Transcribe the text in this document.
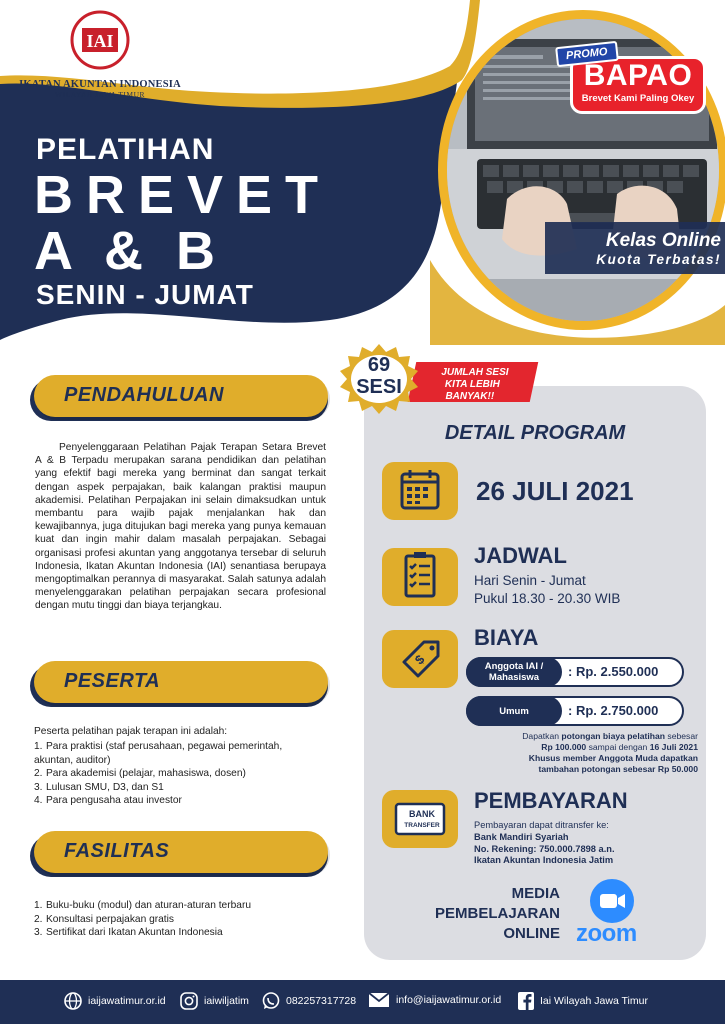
IAI
IKATAN AKUNTAN INDONESIA
WILAYAH JAWA TIMUR
PELATIHAN
BREVET
A & B
SENIN - JUMAT
PROMO
BAPAO
Brevet Kami Paling Okey
Kelas Online
Kuota Terbatas!
PENDAHULUAN

Penyelenggaraan Pelatihan Pajak Terapan Setara Brevet A & B Terpadu merupakan sarana pendidikan dan pelatihan yang efektif bagi mereka yang berminat dan sangat terkait dengan aspek perpajakan, baik kalangan praktisi maupun akademisi. Pelatihan Perpajakan ini selain dimaksudkan untuk membantu para wajib pajak menjalankan hak dan kewajibannya, juga ditujukan bagi mereka yang punya kemauan kuat dan ingin mahir dalam masalah perpajakan. Sebagai organisasi profesi akuntan yang anggotanya tersebar di seluruh Indonesia, Ikatan Akuntan Indonesia (IAI) senantiasa berupaya mengoptimalkan perannya di masyarakat. Salah satunya adalah menyelenggarakan pelatihan perpajakan secara profesional dengan mutu tinggi dan biaya terjangkau.

PESERTA
Peserta pelatihan pajak terapan ini adalah:
1. Para praktisi (staf perusahaan, pegawai pemerintah, akuntan, auditor)
2. Para akademisi (pelajar, mahasiswa, dosen)
3. Lulusan SMU, D3, dan S1
4. Para pengusaha atau investor
FASILITAS
1. Buku-buku (modul) dan aturan-aturan terbaru
2. Konsultasi perpajakan gratis
3. Sertifikat dari Ikatan Akuntan Indonesia
69
SESI
JUMLAH SESI
KITA LEBIH
BANYAK!!
DETAIL PROGRAM
26 JULI 2021
JADWAL
Hari Senin - Jumat
Pukul 18.30 - 20.30 WIB
$
BIAYA
Anggota IAI /
Mahasiswa	: Rp. 2.550.000
Umum	: Rp. 2.750.000
Dapatkan potongan biaya pelatihan sebesar
Rp 100.000 sampai dengan 16 Juli 2021
Khusus member Anggota Muda dapatkan
tambahan potongan sebesar Rp 50.000
BANK
TRANSFER
PEMBAYARAN
Pembayaran dapat ditransfer ke:
Bank Mandiri Syariah
No. Rekening: 750.000.7898 a.n.
Ikatan Akuntan Indonesia Jatim
MEDIA
PEMBELAJARAN
ONLINE zoom
iaijawatimur.or.id	iaiwiljatim	082257317728	info@iaijawatimur.or.id	Iai Wilayah Jawa Timur
